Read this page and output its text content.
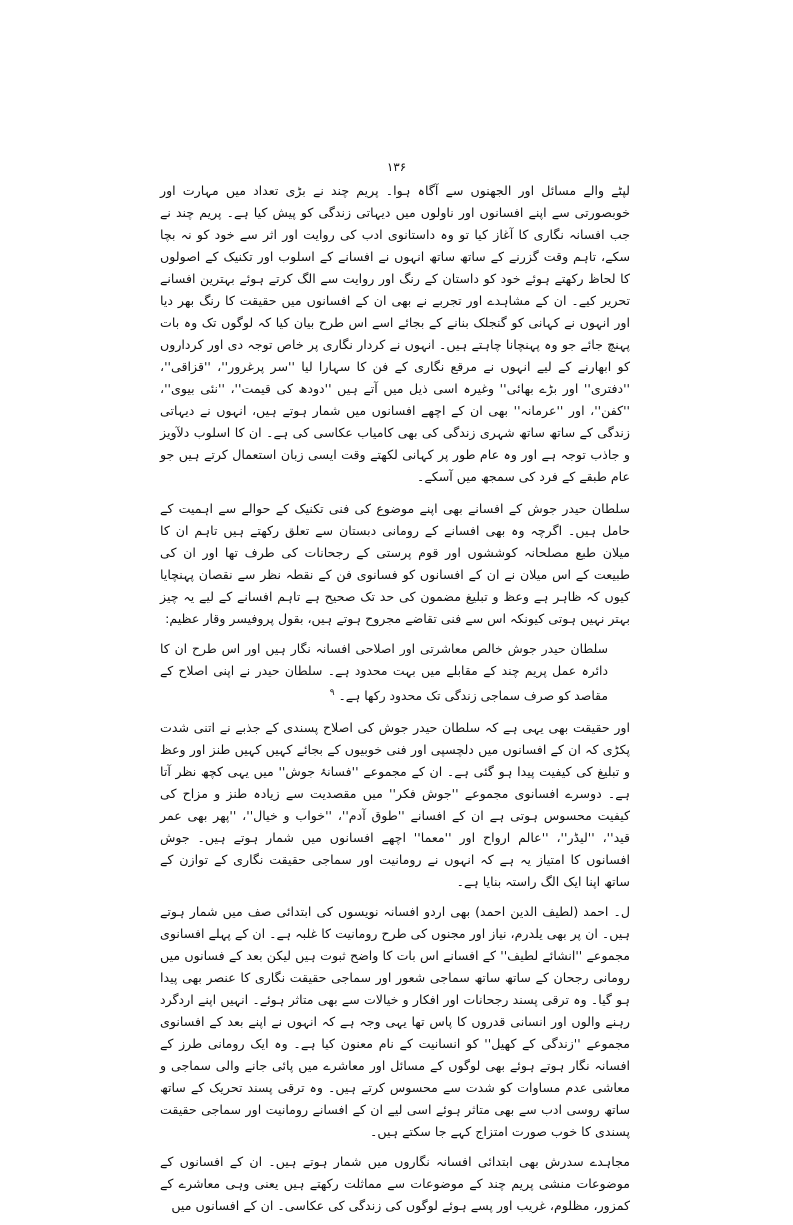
۱۳۶

لپٹے والے مسائل اور الجھنوں سے آگاہ ہوا۔ پریم چند نے بڑی تعداد میں مہارت اور خوبصورتی سے اپنے افسانوں اور ناولوں میں دیہاتی زندگی کو پیش کیا ہے۔ پریم چند نے جب افسانہ نگاری کا آغاز کیا تو وہ داستانوی ادب کی روایت اور اثر سے خود کو نہ بچا سکے، تاہم وقت گزرنے کے ساتھ ساتھ انہوں نے افسانے کے اسلوب اور تکنیک کے اصولوں کا لحاظ رکھتے ہوئے خود کو داستان کے رنگ اور روایت سے الگ کرتے ہوئے بہترین افسانے تحریر کیے۔ ان کے مشاہدے اور تجربے نے بھی ان کے افسانوں میں حقیقت کا رنگ بھر دیا اور انہوں نے کہانی کو گنجلک بنانے کے بجائے اسے اس طرح بیان کیا کہ لوگوں تک وہ بات پہنچ جائے جو وہ پہنچانا چاہتے ہیں۔ انہوں نے کردار نگاری پر خاص توجہ دی اور کرداروں کو ابھارنے کے لیے انہوں نے مرقع نگاری کے فن کا سہارا لیا ''سر پرغرور''، ''قزاقی''، ''دفتری'' اور بڑے بھائی'' وغیرہ اسی ذیل میں آتے ہیں ''دودھ کی قیمت''، ''نئی بیوی''، ''کفن''، اور ''عرمانہ'' بھی ان کے اچھے افسانوں میں شمار ہوتے ہیں، انہوں نے دیہاتی زندگی کے ساتھ ساتھ شہری زندگی کی بھی کامیاب عکاسی کی ہے۔ ان کا اسلوب دلآویز و جاذب توجہ ہے اور وہ عام طور پر کہانی لکھتے وقت ایسی زبان استعمال کرتے ہیں جو عام طبقے کے فرد کی سمجھ میں آسکے۔

سلطان حیدر جوش کے افسانے بھی اپنے موضوع کی فنی تکنیک کے حوالے سے اہمیت کے حامل ہیں۔ اگرچہ وہ بھی افسانے کے رومانی دبستان سے تعلق رکھتے ہیں تاہم ان کا میلان طبع مصلحانہ کوششوں اور قوم پرستی کے رجحانات کی طرف تھا اور ان کی طبیعت کے اس میلان نے ان کے افسانوں کو فسانوی فن کے نقطہ نظر سے نقصان پہنچایا کیوں کہ ظاہر ہے وعظ و تبلیغ مضمون کی حد تک صحیح ہے تاہم افسانے کے لیے یہ چیز بہتر نہیں ہوتی کیونکہ اس سے فنی تقاضے مجروح ہوتے ہیں، بقول پروفیسر وقار عظیم:

سلطان حیدر جوش خالص معاشرتی اور اصلاحی افسانہ نگار ہیں اور اس طرح ان کا دائرہ عمل پریم چند کے مقابلے میں بہت محدود ہے۔ سلطان حیدر نے اپنی اصلاح کے مقاصد کو صرف سماجی زندگی تک محدود رکھا ہے۔ $^۹$

اور حقیقت بھی یہی ہے کہ سلطان حیدر جوش کی اصلاح پسندی کے جذبے نے اتنی شدت پکڑی کہ ان کے افسانوں میں دلچسپی اور فنی خوبیوں کے بجائے کہیں کہیں طنز اور وعظ و تبلیغ کی کیفیت پیدا ہو گئی ہے۔ ان کے مجموعے ''فسانۂ جوش'' میں یہی کچھ نظر آتا ہے۔ دوسرے افسانوی مجموعے ''جوش فکر'' میں مقصدیت سے زیادہ طنز و مزاح کی کیفیت محسوس ہوتی ہے ان کے افسانے ''طوق آدم''، ''خواب و خیال''، ''پھر بھی عمر قید''، ''لیڈر''، ''عالم ارواح اور ''معما'' اچھے افسانوں میں شمار ہوتے ہیں۔ جوش افسانوں کا امتیاز یہ ہے کہ انہوں نے رومانیت اور سماجی حقیقت نگاری کے توازن کے ساتھ اپنا ایک الگ راستہ بنایا ہے۔

ل۔ احمد (لطیف الدین احمد) بھی اردو افسانہ نویسوں کی ابتدائی صف میں شمار ہوتے ہیں۔ ان پر بھی یلدرم، نیاز اور مجنوں کی طرح رومانیت کا غلبہ ہے۔ ان کے پہلے افسانوی مجموعے ''انشائے لطیف'' کے افسانے اس بات کا واضح ثبوت ہیں لیکن بعد کے فسانوں میں رومانی رجحان کے ساتھ ساتھ سماجی شعور اور سماجی حقیقت نگاری کا عنصر بھی پیدا ہو گیا۔ وہ ترقی پسند رجحانات اور افکار و خیالات سے بھی متاثر ہوئے۔ انہیں اپنے اردگرد رہنے والوں اور انسانی قدروں کا پاس تھا یہی وجہ ہے کہ انہوں نے اپنے بعد کے افسانوی مجموعے ''زندگی کے کھیل'' کو انسانیت کے نام معنون کیا ہے۔ وہ ایک رومانی طرز کے افسانہ نگار ہوتے ہوئے بھی لوگوں کے مسائل اور معاشرے میں پائی جانے والی سماجی و معاشی عدم مساوات کو شدت سے محسوس کرتے ہیں۔ وہ ترقی پسند تحریک کے ساتھ ساتھ روسی ادب سے بھی متاثر ہوئے اسی لیے ان کے افسانے رومانیت اور سماجی حقیقت پسندی کا خوب صورت امتزاج کہے جا سکتے ہیں۔

مجاہدے سدرش بھی ابتدائی افسانہ نگاروں میں شمار ہوتے ہیں۔ ان کے افسانوں کے موضوعات منشی پریم چند کے موضوعات سے مماثلت رکھتے ہیں یعنی وہی معاشرے کے کمزور، مظلوم، غریب اور پسے ہوئے لوگوں کی زندگی کی عکاسی۔ ان کے افسانوں میں
